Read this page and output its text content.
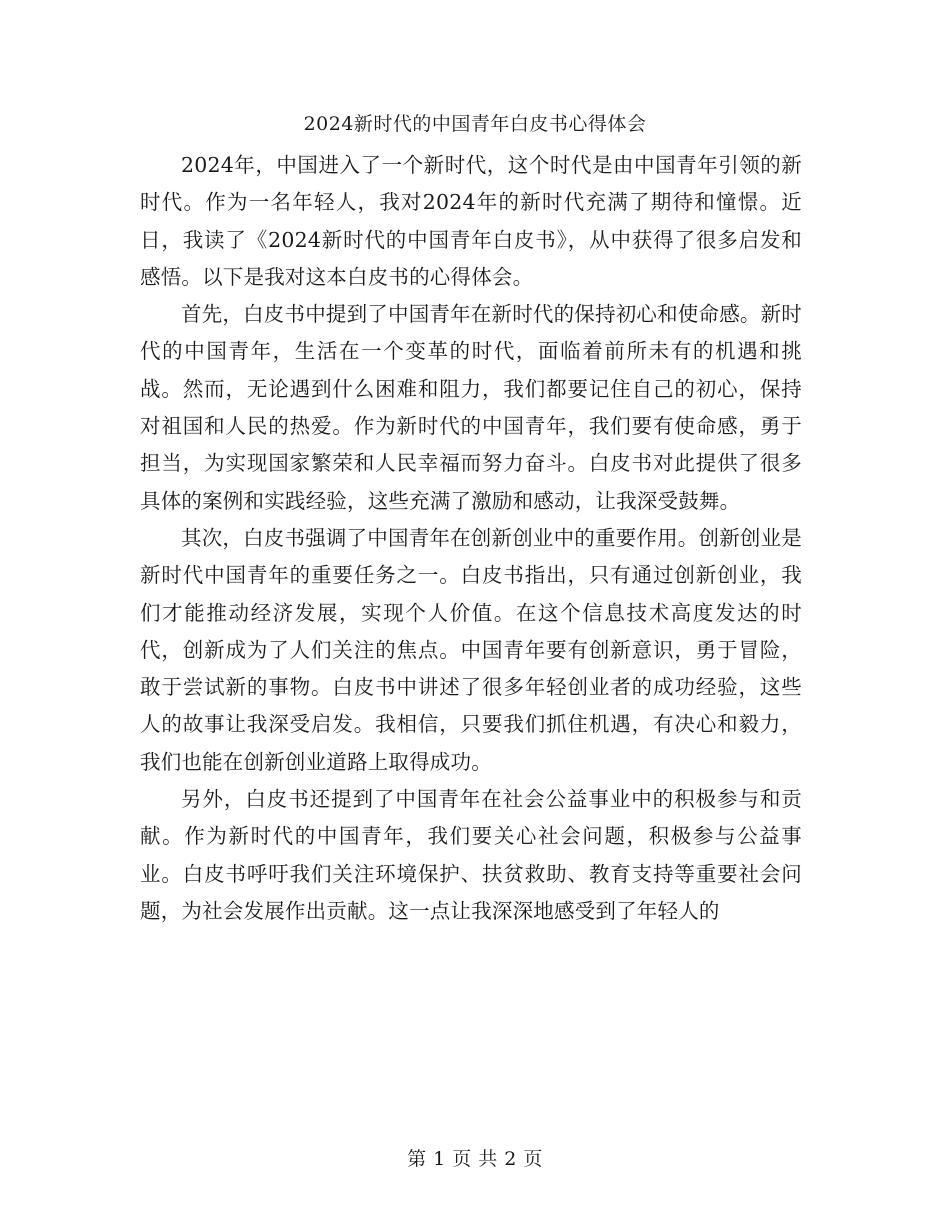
2024新时代的中国青年白皮书心得体会

2024年，中国进入了一个新时代，这个时代是由中国青年引领的新时代。作为一名年轻人，我对2024年的新时代充满了期待和憧憬。近日，我读了《2024新时代的中国青年白皮书》，从中获得了很多启发和感悟。以下是我对这本白皮书的心得体会。

首先，白皮书中提到了中国青年在新时代的保持初心和使命感。新时代的中国青年，生活在一个变革的时代，面临着前所未有的机遇和挑战。然而，无论遇到什么困难和阻力，我们都要记住自己的初心，保持对祖国和人民的热爱。作为新时代的中国青年，我们要有使命感，勇于担当，为实现国家繁荣和人民幸福而努力奋斗。白皮书对此提供了很多具体的案例和实践经验，这些充满了激励和感动，让我深受鼓舞。

其次，白皮书强调了中国青年在创新创业中的重要作用。创新创业是新时代中国青年的重要任务之一。白皮书指出，只有通过创新创业，我们才能推动经济发展，实现个人价值。在这个信息技术高度发达的时代，创新成为了人们关注的焦点。中国青年要有创新意识，勇于冒险，敢于尝试新的事物。白皮书中讲述了很多年轻创业者的成功经验，这些人的故事让我深受启发。我相信，只要我们抓住机遇，有决心和毅力，我们也能在创新创业道路上取得成功。

另外，白皮书还提到了中国青年在社会公益事业中的积极参与和贡献。作为新时代的中国青年，我们要关心社会问题，积极参与公益事业。白皮书呼吁我们关注环境保护、扶贫救助、教育支持等重要社会问题，为社会发展作出贡献。这一点让我深深地感受到了年轻人的

第 1 页 共 2 页
